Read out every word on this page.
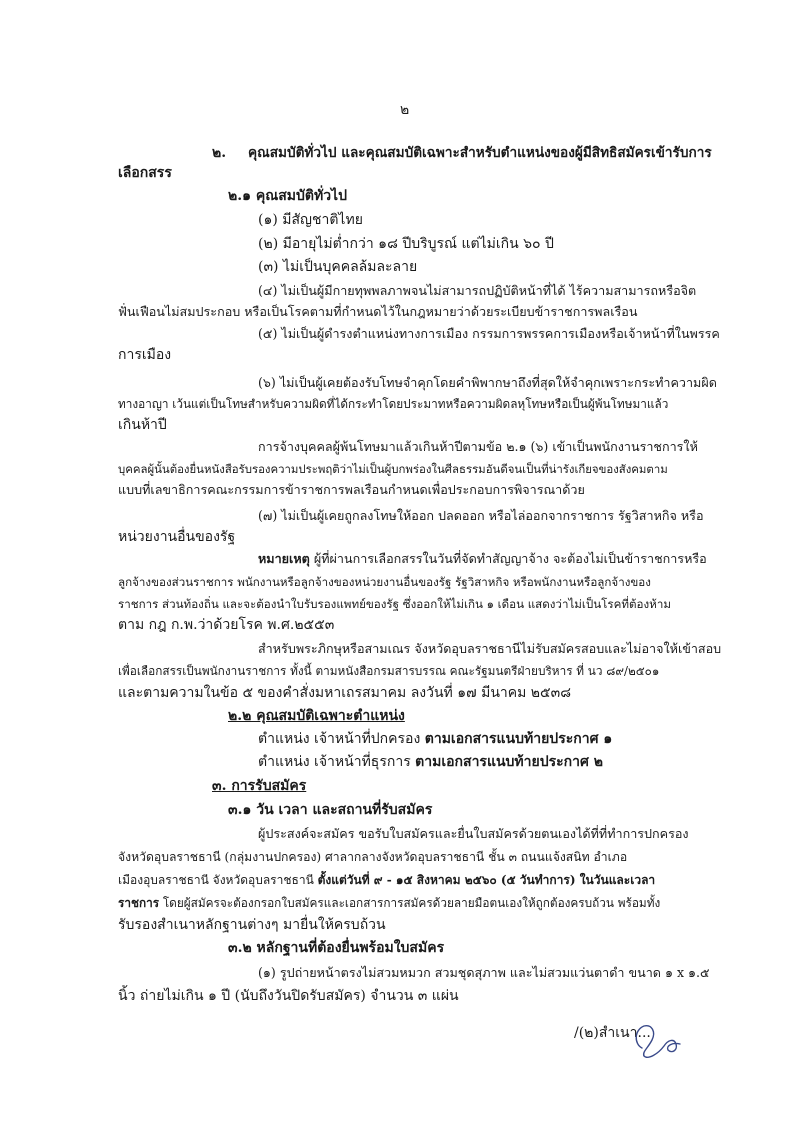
๒
๒. คุณสมบัติทั่วไป และคุณสมบัติเฉพาะสำหรับตำแหน่งของผู้มีสิทธิสมัครเข้ารับการ
เลือกสรร
๒.๑ คุณสมบัติทั่วไป
(๑) มีสัญชาติไทย
(๒) มีอายุไม่ต่ำกว่า ๑๘ ปีบริบูรณ์ แต่ไม่เกิน ๖๐ ปี
(๓) ไม่เป็นบุคคลล้มละลาย
(๔) ไม่เป็นผู้มีกายทุพพลภาพจนไม่สามารถปฏิบัติหน้าที่ได้ ไร้ความสามารถหรือจิต
ฟั่นเฟือนไม่สมประกอบ หรือเป็นโรคตามที่กำหนดไว้ในกฎหมายว่าด้วยระเบียบข้าราชการพลเรือน
(๕) ไม่เป็นผู้ดำรงตำแหน่งทางการเมือง กรรมการพรรคการเมืองหรือเจ้าหน้าที่ในพรรค
การเมือง
(๖) ไม่เป็นผู้เคยต้องรับโทษจำคุกโดยคำพิพากษาถึงที่สุดให้จำคุกเพราะกระทำความผิด
ทางอาญา เว้นแต่เป็นโทษสำหรับความผิดที่ได้กระทำโดยประมาทหรือความผิดลหุโทษหรือเป็นผู้พ้นโทษมาแล้ว
เกินห้าปี
การจ้างบุคคลผู้พ้นโทษมาแล้วเกินห้าปีตามข้อ ๒.๑ (๖) เข้าเป็นพนักงานราชการให้
บุคคลผู้นั้นต้องยื่นหนังสือรับรองความประพฤติว่าไม่เป็นผู้บกพร่องในศีลธรรมอันดีจนเป็นที่น่ารังเกียจของสังคมตาม
แบบที่เลขาธิการคณะกรรมการข้าราชการพลเรือนกำหนดเพื่อประกอบการพิจารณาด้วย
(๗) ไม่เป็นผู้เคยถูกลงโทษให้ออก ปลดออก หรือไล่ออกจากราชการ รัฐวิสาหกิจ หรือ
หน่วยงานอื่นของรัฐ
หมายเหตุ ผู้ที่ผ่านการเลือกสรรในวันที่จัดทำสัญญาจ้าง จะต้องไม่เป็นข้าราชการหรือ
ลูกจ้างของส่วนราชการ พนักงานหรือลูกจ้างของหน่วยงานอื่นของรัฐ รัฐวิสาหกิจ หรือพนักงานหรือลูกจ้างของ
ราชการ ส่วนท้องถิ่น และจะต้องนำใบรับรองแพทย์ของรัฐ ซึ่งออกให้ไม่เกิน ๑ เดือน แสดงว่าไม่เป็นโรคที่ต้องห้าม
ตาม กฎ ก.พ.ว่าด้วยโรค พ.ศ.๒๕๕๓
สำหรับพระภิกษุหรือสามเณร จังหวัดอุบลราชธานีไม่รับสมัครสอบและไม่อาจให้เข้าสอบ
เพื่อเลือกสรรเป็นพนักงานราชการ ทั้งนี้ ตามหนังสือกรมสารบรรณ คณะรัฐมนตรีฝ่ายบริหาร ที่ นว ๘๙/๒๕๐๑
และตามความในข้อ ๕ ของคำสั่งมหาเถรสมาคม ลงวันที่ ๑๗ มีนาคม ๒๕๓๘
๒.๒ คุณสมบัติเฉพาะตำแหน่ง
ตำแหน่ง เจ้าหน้าที่ปกครอง ตามเอกสารแนบท้ายประกาศ ๑
ตำแหน่ง เจ้าหน้าที่ธุรการ ตามเอกสารแนบท้ายประกาศ ๒
๓. การรับสมัคร
๓.๑ วัน เวลา และสถานที่รับสมัคร
ผู้ประสงค์จะสมัคร ขอรับใบสมัครและยื่นใบสมัครด้วยตนเองได้ที่ที่ทำการปกครอง
จังหวัดอุบลราชธานี (กลุ่มงานปกครอง) ศาลากลางจังหวัดอุบลราชธานี ชั้น ๓ ถนนแจ้งสนิท อำเภอ
เมืองอุบลราชธานี จังหวัดอุบลราชธานี ตั้งแต่วันที่ ๙ - ๑๕ สิงหาคม ๒๕๖๐ (๕ วันทำการ) ในวันและเวลา
ราชการ โดยผู้สมัครจะต้องกรอกใบสมัครและเอกสารการสมัครด้วยลายมือตนเองให้ถูกต้องครบถ้วน พร้อมทั้ง
รับรองสำเนาหลักฐานต่างๆ มายื่นให้ครบถ้วน
๓.๒ หลักฐานที่ต้องยื่นพร้อมใบสมัคร
(๑) รูปถ่ายหน้าตรงไม่สวมหมวก สวมชุดสุภาพ และไม่สวมแว่นตาดำ ขนาด ๑ x ๑.๕
นิ้ว ถ่ายไม่เกิน ๑ ปี (นับถึงวันปิดรับสมัคร) จำนวน ๓ แผ่น
/(๒)สำเนา...
